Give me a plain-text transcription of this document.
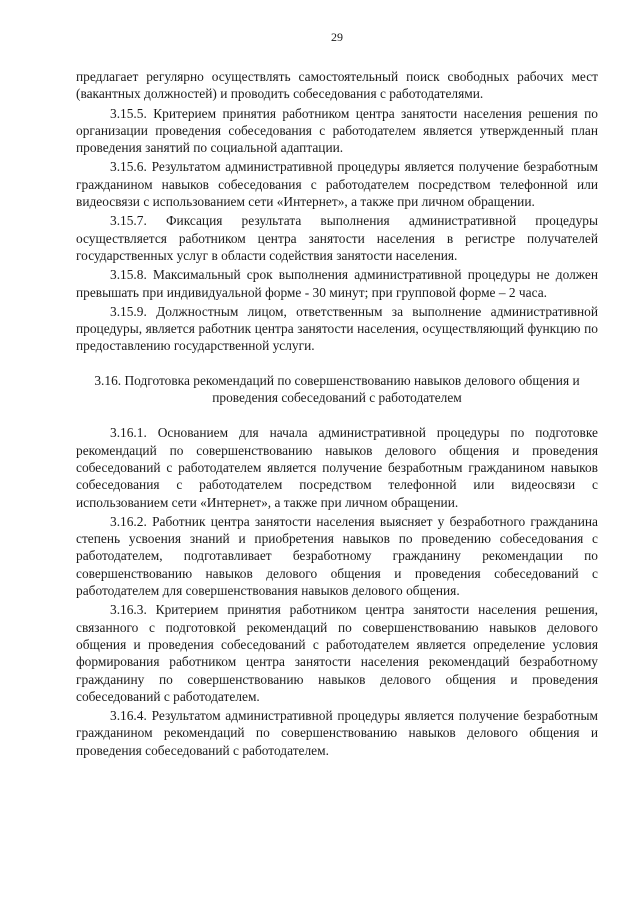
29

предлагает регулярно осуществлять самостоятельный поиск свободных рабочих мест (вакантных должностей) и проводить собеседования с работодателями.

3.15.5. Критерием принятия работником центра занятости населения решения по организации проведения собеседования с работодателем является утвержденный план проведения занятий по социальной адаптации.

3.15.6. Результатом административной процедуры является получение безработным гражданином навыков собеседования с работодателем посредством телефонной или видеосвязи с использованием сети «Интернет», а также при личном обращении.

3.15.7. Фиксация результата выполнения административной процедуры осуществляется работником центра занятости населения в регистре получателей государственных услуг в области содействия занятости населения.

3.15.8. Максимальный срок выполнения административной процедуры не должен превышать при индивидуальной форме - 30 минут; при групповой форме – 2 часа.

3.15.9. Должностным лицом, ответственным за выполнение административной процедуры, является работник центра занятости населения, осуществляющий функцию по предоставлению государственной услуги.

3.16. Подготовка рекомендаций по совершенствованию навыков делового общения и проведения собеседований с работодателем

3.16.1. Основанием для начала административной процедуры по подготовке рекомендаций по совершенствованию навыков делового общения и проведения собеседований с работодателем является получение безработным гражданином навыков собеседования с работодателем посредством телефонной или видеосвязи с использованием сети «Интернет», а также при личном обращении.

3.16.2. Работник центра занятости населения выясняет у безработного гражданина степень усвоения знаний и приобретения навыков по проведению собеседования с работодателем, подготавливает безработному гражданину рекомендации по совершенствованию навыков делового общения и проведения собеседований с работодателем для совершенствования навыков делового общения.

3.16.3. Критерием принятия работником центра занятости населения решения, связанного с подготовкой рекомендаций по совершенствованию навыков делового общения и проведения собеседований с работодателем является определение условия формирования работником центра занятости населения рекомендаций безработному гражданину по совершенствованию навыков делового общения и проведения собеседований с работодателем.

3.16.4. Результатом административной процедуры является получение безработным гражданином рекомендаций по совершенствованию навыков делового общения и проведения собеседований с работодателем.
